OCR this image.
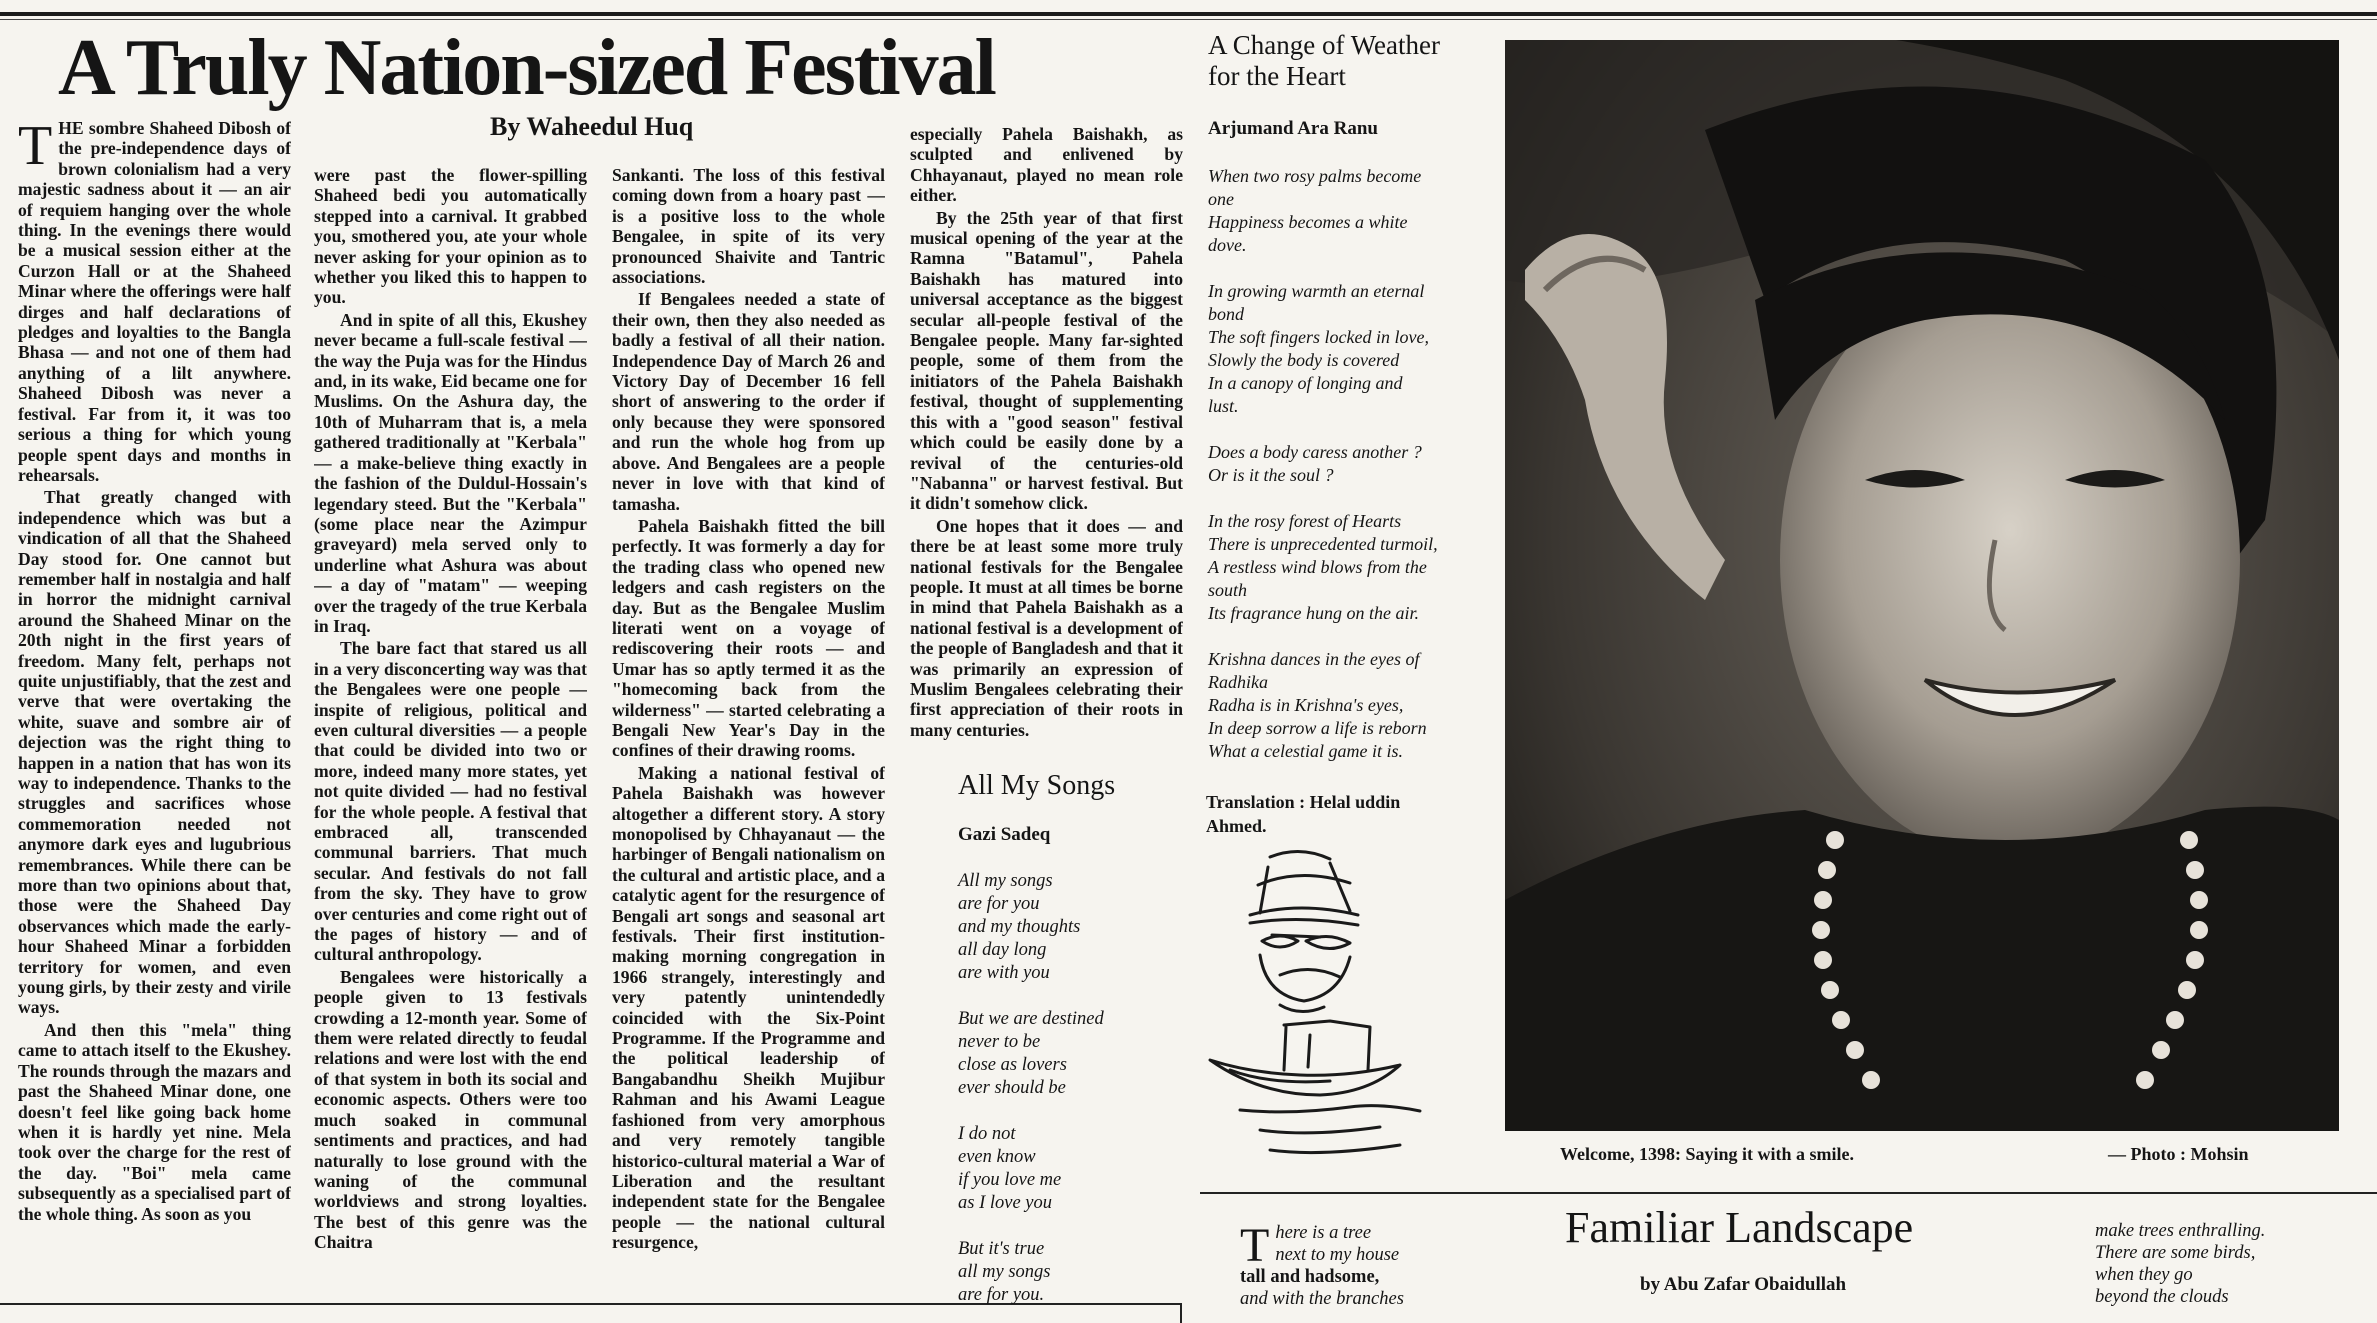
A Truly Nation-sized Festival
By Waheedul Huq

THE sombre Shaheed Dibosh of the pre-independence days of brown colonialism had a very majestic sadness about it — an air of requiem hanging over the whole thing. In the evenings there would be a musical session either at the Curzon Hall or at the Shaheed Minar where the offerings were half dirges and half declarations of pledges and loyalties to the Bangla Bhasa — and not one of them had anything of a lilt anywhere. Shaheed Dibosh was never a festival. Far from it, it was too serious a thing for which young people spent days and months in rehearsals.

That greatly changed with independence which was but a vindication of all that the Shaheed Day stood for. One cannot but remember half in nostalgia and half in horror the midnight carnival around the Shaheed Minar on the 20th night in the first years of freedom. Many felt, perhaps not quite unjustifiably, that the zest and verve that were overtaking the white, suave and sombre air of dejection was the right thing to happen in a nation that has won its way to independence. Thanks to the struggles and sacrifices whose commemoration needed not anymore dark eyes and lugubrious remembrances. While there can be more than two opinions about that, those were the Shaheed Day observances which made the early-hour Shaheed Minar a forbidden territory for women, and even young girls, by their zesty and virile ways.

And then this "mela" thing came to attach itself to the Ekushey. The rounds through the mazars and past the Shaheed Minar done, one doesn't feel like going back home when it is hardly yet nine. Mela took over the charge for the rest of the day. "Boi" mela came subsequently as a specialised part of the whole thing. As soon as you

were past the flower-spilling Shaheed bedi you automatically stepped into a carnival. It grabbed you, smothered you, ate your whole never asking for your opinion as to whether you liked this to happen to you.

And in spite of all this, Ekushey never became a full-scale festival — the way the Puja was for the Hindus and, in its wake, Eid became one for Muslims. On the Ashura day, the 10th of Muharram that is, a mela gathered traditionally at "Kerbala" — a make-believe thing exactly in the fashion of the Duldul-Hossain's legendary steed. But the "Kerbala" (some place near the Azimpur graveyard) mela served only to underline what Ashura was about — a day of "matam" — weeping over the tragedy of the true Kerbala in Iraq.

The bare fact that stared us all in a very disconcerting way was that the Bengalees were one people — inspite of religious, political and even cultural diversities — a people that could be divided into two or more, indeed many more states, yet not quite divided — had no festival for the whole people. A festival that embraced all, transcended communal barriers. That much secular. And festivals do not fall from the sky. They have to grow over centuries and come right out of the pages of history — and of cultural anthropology.

Bengalees were historically a people given to 13 festivals crowding a 12-month year. Some of them were related directly to feudal relations and were lost with the end of that system in both its social and economic aspects. Others were too much soaked in communal sentiments and practices, and had naturally to lose ground with the waning of the communal worldviews and strong loyalties. The best of this genre was the Chaitra

Sankanti. The loss of this festival coming down from a hoary past — is a positive loss to the whole Bengalee, in spite of its very pronounced Shaivite and Tantric associations.

If Bengalees needed a state of their own, then they also needed as badly a festival of all their nation. Independence Day of March 26 and Victory Day of December 16 fell short of answering to the order if only because they were sponsored and run the whole hog from up above. And Bengalees are a people never in love with that kind of tamasha.

Pahela Baishakh fitted the bill perfectly. It was formerly a day for the trading class who opened new ledgers and cash registers on the day. But as the Bengalee Muslim literati went on a voyage of rediscovering their roots — and Umar has so aptly termed it as the "homecoming back from the wilderness" — started celebrating a Bengali New Year's Day in the confines of their drawing rooms.

Making a national festival of Pahela Baishakh was however altogether a different story. A story monopolised by Chhayanaut — the harbinger of Bengali nationalism on the cultural and artistic place, and a catalytic agent for the resurgence of Bengali art songs and seasonal art festivals. Their first institution-making morning congregation in 1966 strangely, interestingly and very patently unintendedly coincided with the Six-Point Programme. If the Programme and the political leadership of Bangabandhu Sheikh Mujibur Rahman and his Awami League fashioned from very amorphous and very remotely tangible historico-cultural material a War of Liberation and the resultant independent state for the Bengalee people — the national cultural resurgence,

especially Pahela Baishakh, as sculpted and enlivened by Chhayanaut, played no mean role either.

By the 25th year of that first musical opening of the year at the Ramna "Batamul", Pahela Baishakh has matured into universal acceptance as the biggest secular all-people festival of the Bengalee people. Many far-sighted people, some of them from the initiators of the Pahela Baishakh festival, thought of supplementing this with a "good season" festival which could be easily done by a revival of the centuries-old "Nabanna" or harvest festival. But it didn't somehow click.

One hopes that it does — and there be at least some more truly national festivals for the Bengalee people. It must at all times be borne in mind that Pahela Baishakh as a national festival is a development of the people of Bangladesh and that it was primarily an expression of Muslim Bengalees celebrating their first appreciation of their roots in many centuries.

All My Songs
Gazi Sadeq
All my songs
are for you
and my thoughts
all day long
are with you
But we are destined
never to be
close as lovers
ever should be
I do not
even know
if you love me
as I love you
But it's true
all my songs
are for you.
A Change of Weather
for the Heart
Arjumand Ara Ranu
When two rosy palms become
one
Happiness becomes a white
dove.
In growing warmth an eternal
bond
The soft fingers locked in love,
Slowly the body is covered
In a canopy of longing and
lust.
Does a body caress another ?
Or is it the soul ?
In the rosy forest of Hearts
There is unprecedented turmoil,
A restless wind blows from the
south
Its fragrance hung on the air.
Krishna dances in the eyes of
Radhika
Radha is in Krishna's eyes,
In deep sorrow a life is reborn
What a celestial game it is.
Translation : Helal uddin
Ahmed.
Welcome, 1398: Saying it with a smile.	— Photo : Mohsin
Familiar Landscape
by Abu Zafar Obaidullah
T here is a tree
next to my house
tall and hadsome,
and with the branches
make trees enthralling.
There are some birds,
when they go
beyond the clouds
